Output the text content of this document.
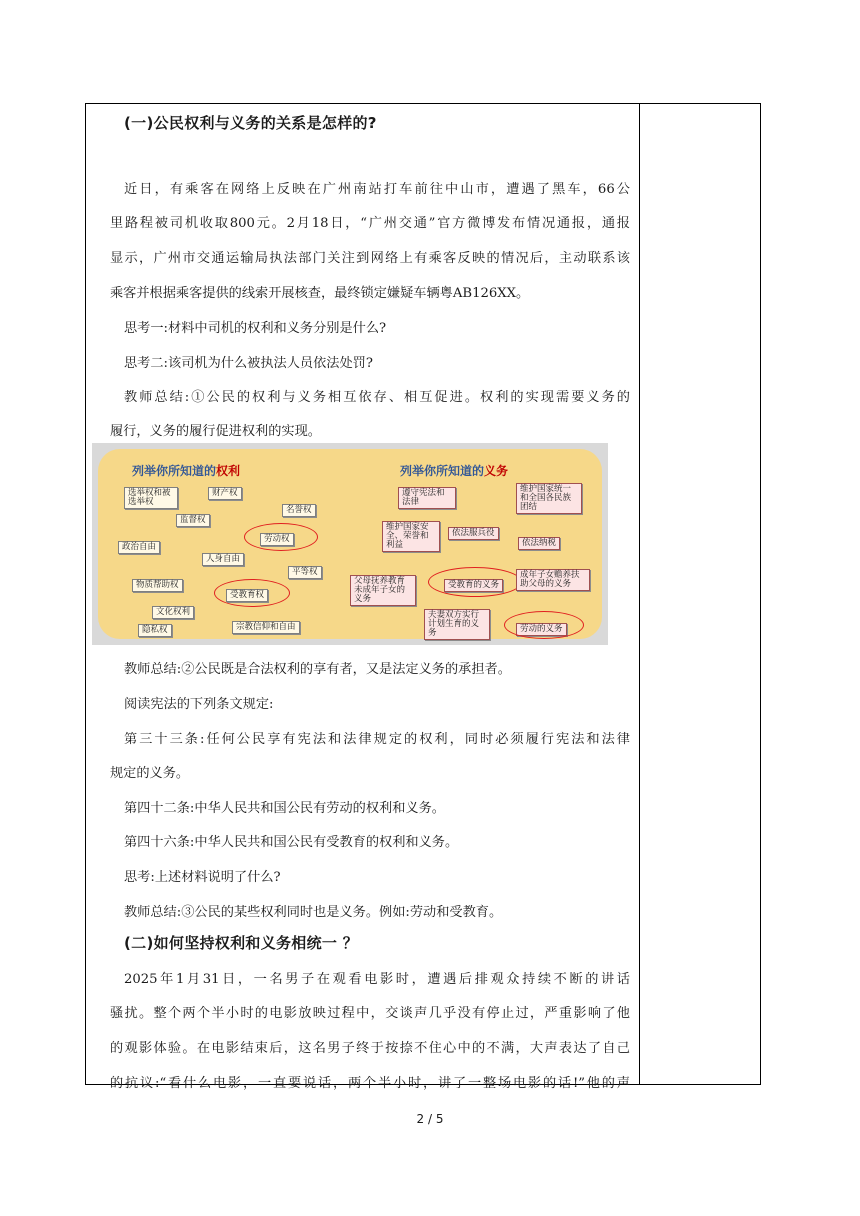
(一)公民权利与义务的关系是怎样的?
近日，有乘客在网络上反映在广州南站打车前往中山市，遭遇了黑车，66公
里路程被司机收取800元。2月18日，“广州交通”官方微博发布情况通报，通报
显示，广州市交通运输局执法部门关注到网络上有乘客反映的情况后，主动联系该
乘客并根据乘客提供的线索开展核查，最终锁定嫌疑车辆粤AB126XX。
思考一:材料中司机的权利和义务分别是什么?
思考二:该司机为什么被执法人员依法处罚?
教师总结:①公民的权利与义务相互依存、相互促进。权利的实现需要义务的
履行，义务的履行促进权利的实现。
教师总结:②公民既是合法权利的享有者，又是法定义务的承担者。
阅读宪法的下列条文规定:
第三十三条:任何公民享有宪法和法律规定的权利，同时必须履行宪法和法律
规定的义务。
第四十二条:中华人民共和国公民有劳动的权利和义务。
第四十六条:中华人民共和国公民有受教育的权利和义务。
思考:上述材料说明了什么?
教师总结:③公民的某些权利同时也是义务。例如:劳动和受教育。
(二)如何坚持权利和义务相统一 ？
2025年1月31日，一名男子在观看电影时，遭遇后排观众持续不断的讲话
骚扰。整个两个半小时的电影放映过程中，交谈声几乎没有停止过，严重影响了他
的观影体验。在电影结束后，这名男子终于按捺不住心中的不满，大声表达了自己
的抗议:“看什么电影，一直要说话，两个半小时，讲了一整场电影的话!”他的声
列举你所知道的权利	列举你所知道的义务
选举权和被选举权
财产权
名誉权
监督权
劳动权
政治自由
人身自由
平等权
物质帮助权
受教育权
文化权利
隐私权	宗教信仰和自由
遵守宪法和法律
维护国家统一和全国各民族团结
维护国家安全、荣誉和利益
依法服兵役
依法纳税
父母抚养教育未成年子女的义务
受教育的义务
成年子女赡养扶助父母的义务
夫妻双方实行计划生育的义务	劳动的义务
2 / 5
